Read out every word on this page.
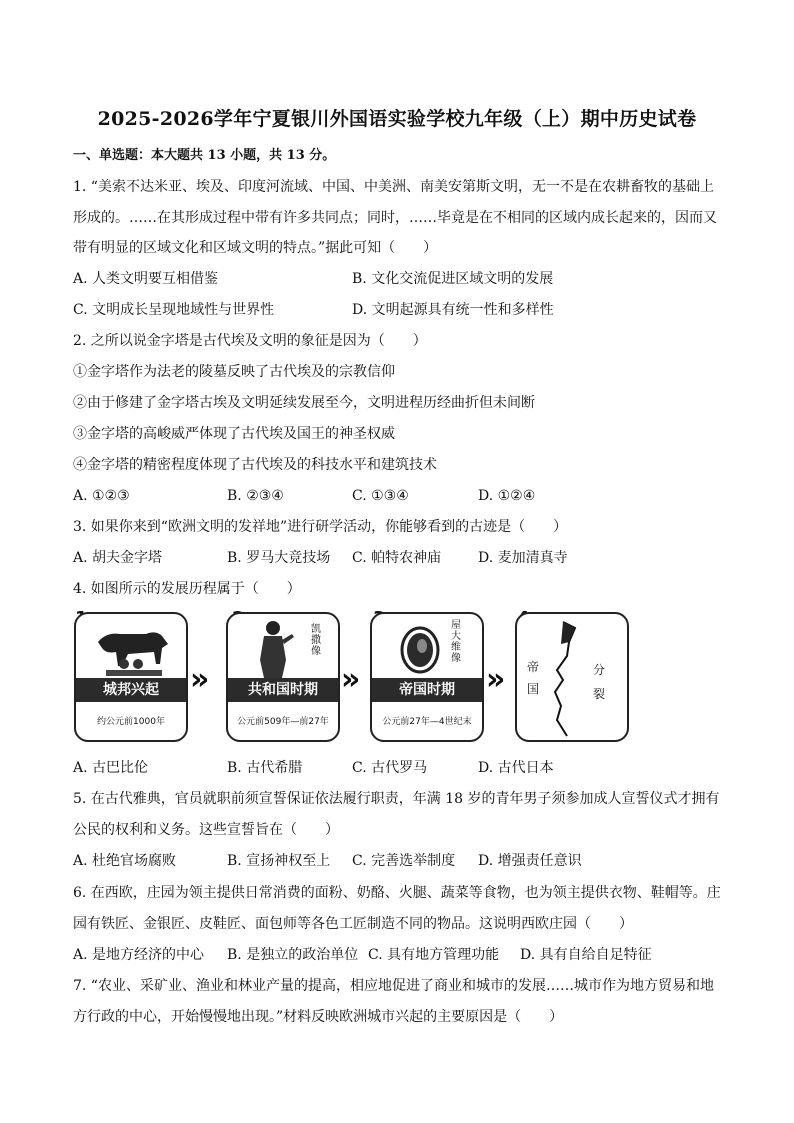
2025-2026学年宁夏银川外国语实验学校九年级（上）期中历史试卷
一、单选题：本大题共 13 小题，共 13 分。
1. “美索不达米亚、埃及、印度河流域、中国、中美洲、南美安第斯文明，无一不是在农耕畜牧的基础上
形成的。……在其形成过程中带有许多共同点；同时，……毕竟是在不相同的区域内成长起来的，因而又
带有明显的区域文化和区域文明的特点。”据此可知（　　）
A. 人类文明要互相借鉴	B. 文化交流促进区域文明的发展
C. 文明成长呈现地域性与世界性	D. 文明起源具有统一性和多样性
2. 之所以说金字塔是古代埃及文明的象征是因为（　　）
①金字塔作为法老的陵墓反映了古代埃及的宗教信仰
②由于修建了金字塔古埃及文明延续发展至今，文明进程历经曲折但未间断
③金字塔的高峻威严体现了古代埃及国王的神圣权威
④金字塔的精密程度体现了古代埃及的科技水平和建筑技术
A. ①②③	B. ②③④	C. ①③④	D. ①②④
3. 如果你来到“欧洲文明的发祥地”进行研学活动，你能够看到的古迹是（　　）
A. 胡夫金字塔	B. 罗马大竞技场 C. 帕特农神庙	D. 麦加清真寺
4. 如图所示的发展历程属于（　　）
城邦兴起
约公元前1000年
»
凯撒像
共和国时期
公元前509年—前27年
»
屋大维像
帝国时期
公元前27年—4世纪末
»	帝国
分裂
A. 古巴比伦	B. 古代希腊	C. 古代罗马	D. 古代日本
5. 在古代雅典，官员就职前须宣誓保证依法履行职责，年满 18 岁的青年男子须参加成人宣誓仪式才拥有
公民的权利和义务。这些宣誓旨在（　　）
A. 杜绝官场腐败	B. 宣扬神权至上 C. 完善选举制度 D. 增强责任意识
6. 在西欧，庄园为领主提供日常消费的面粉、奶酪、火腿、蔬菜等食物，也为领主提供衣物、鞋帽等。庄
园有铁匠、金银匠、皮鞋匠、面包师等各色工匠制造不同的物品。这说明西欧庄园（　　）
A. 是地方经济的中心 B. 是独立的政治单位 C. 具有地方管理功能 D. 具有自给自足特征
7. “农业、采矿业、渔业和林业产量的提高，相应地促进了商业和城市的发展……城市作为地方贸易和地
方行政的中心，开始慢慢地出现。”材料反映欧洲城市兴起的主要原因是（　　）
